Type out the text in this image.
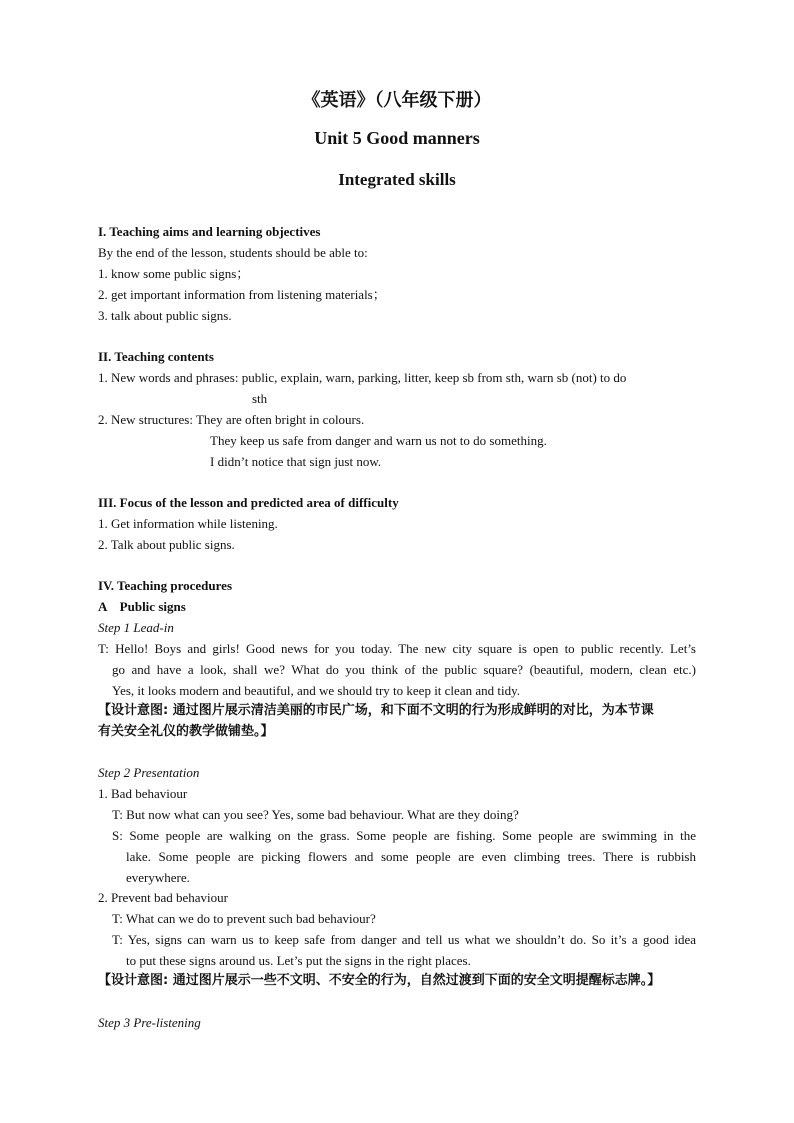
《英语》（八年级下册）
Unit 5 Good manners
Integrated skills
I. Teaching aims and learning objectives
By the end of the lesson, students should be able to:
1. know some public signs；
2. get important information from listening materials；
3. talk about public signs.
II. Teaching contents
1. New words and phrases: public, explain, warn, parking, litter, keep sb from sth, warn sb (not) to do
sth
2. New structures: They are often bright in colours.
They keep us safe from danger and warn us not to do something.
I didn’t notice that sign just now.
III. Focus of the lesson and predicted area of difficulty
1. Get information while listening.
2. Talk about public signs.
IV. Teaching procedures
A    Public signs
Step 1 Lead-in
T: Hello! Boys and girls! Good news for you today. The new city square is open to public recently. Let’s
go and have a look, shall we? What do you think of the public square? (beautiful, modern, clean etc.)
Yes, it looks modern and beautiful, and we should try to keep it clean and tidy.
【设计意图: 通过图片展示清洁美丽的市民广场，和下面不文明的行为形成鲜明的对比，为本节课
有关安全礼仪的教学做铺垫。】
Step 2 Presentation
1. Bad behaviour
T: But now what can you see? Yes, some bad behaviour. What are they doing?
S: Some people are walking on the grass. Some people are fishing. Some people are swimming in the
lake. Some people are picking flowers and some people are even climbing trees. There is rubbish
everywhere.
2. Prevent bad behaviour
T: What can we do to prevent such bad behaviour?
T: Yes, signs can warn us to keep safe from danger and tell us what we shouldn’t do. So it’s a good idea
to put these signs around us. Let’s put the signs in the right places.
【设计意图: 通过图片展示一些不文明、不安全的行为，自然过渡到下面的安全文明提醒标志牌。】
Step 3 Pre-listening
